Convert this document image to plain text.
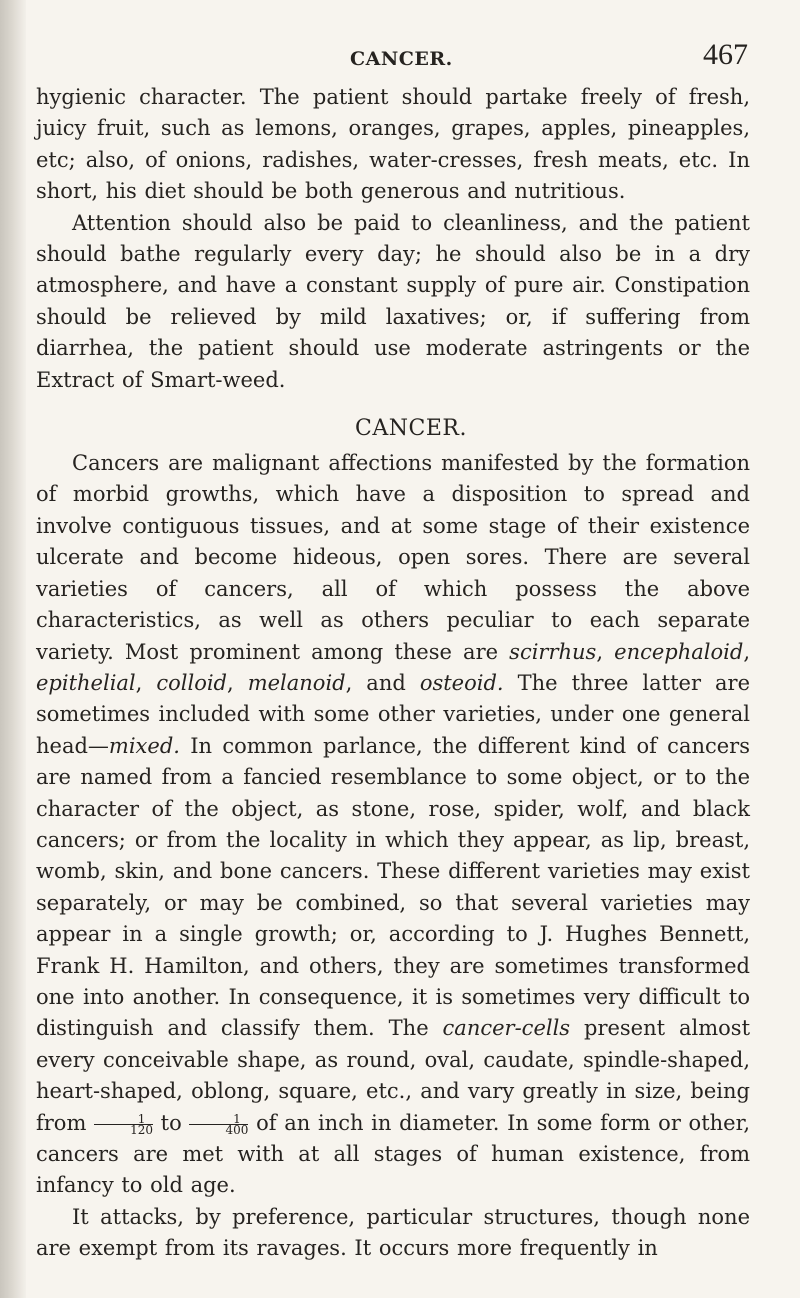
CANCER.	467

hygienic character. The patient should partake freely of fresh, juicy fruit, such as lemons, oranges, grapes, apples, pineapples, etc; also, of onions, radishes, water-cresses, fresh meats, etc. In short, his diet should be both generous and nutritious.

Attention should also be paid to cleanliness, and the patient should bathe regularly every day; he should also be in a dry atmosphere, and have a constant supply of pure air. Constipation should be relieved by mild laxatives; or, if suffering from diarrhea, the patient should use moderate astringents or the Extract of Smart-weed.

CANCER.

Cancers are malignant affections manifested by the formation of morbid growths, which have a disposition to spread and involve contiguous tissues, and at some stage of their existence ulcerate and become hideous, open sores. There are several varieties of cancers, all of which possess the above characteristics, as well as others peculiar to each separate variety. Most prominent among these are scirrhus, encephaloid, epithelial, colloid, melanoid, and osteoid. The three latter are sometimes included with some other varieties, under one general head—mixed. In common parlance, the different kind of cancers are named from a fancied resemblance to some object, or to the character of the object, as stone, rose, spider, wolf, and black cancers; or from the locality in which they appear, as lip, breast, womb, skin, and bone cancers. These different varieties may exist separately, or may be combined, so that several varieties may appear in a single growth; or, according to J. Hughes Bennett, Frank H. Hamilton, and others, they are sometimes transformed one into another. In consequence, it is sometimes very difficult to distinguish and classify them. The cancer-cells present almost every conceivable shape, as round, oval, caudate, spindle-shaped, heart-shaped, oblong, square, etc., and vary greatly in size, being from $\frac{1}{120}$ to $\frac{1}{400}$ of an inch in diameter. In some form or other, cancers are met with at all stages of human existence, from infancy to old age.

It attacks, by preference, particular structures, though none are exempt from its ravages. It occurs more frequently in
